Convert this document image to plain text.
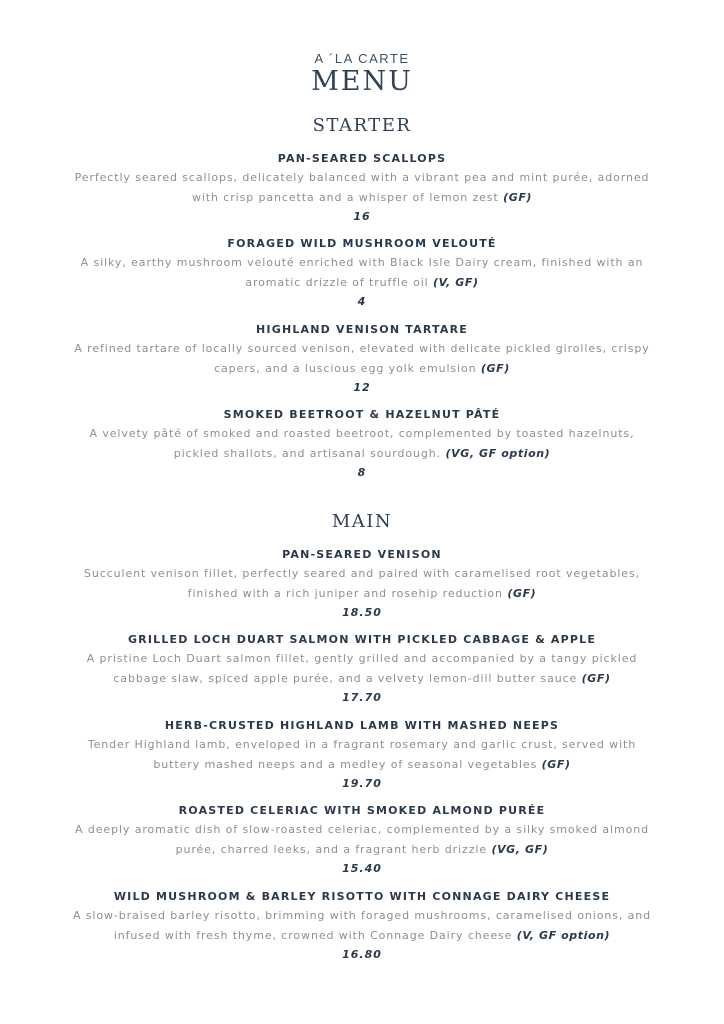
A ´LA CARTE
MENU
STARTER
PAN-SEARED SCALLOPS
Perfectly seared scallops, delicately balanced with a vibrant pea and mint purée, adorned with crisp pancetta and a whisper of lemon zest (GF)
16
FORAGED WILD MUSHROOM VELOUTÉ
A silky, earthy mushroom velouté enriched with Black Isle Dairy cream, finished with an aromatic drizzle of truffle oil (V, GF)
4
HIGHLAND VENISON TARTARE
A refined tartare of locally sourced venison, elevated with delicate pickled girolles, crispy capers, and a luscious egg yolk emulsion (GF)
12
SMOKED BEETROOT & HAZELNUT PÂTÉ
A velvety pâté of smoked and roasted beetroot, complemented by toasted hazelnuts, pickled shallots, and artisanal sourdough. (VG, GF option)
8
MAIN
PAN-SEARED VENISON
Succulent venison fillet, perfectly seared and paired with caramelised root vegetables, finished with a rich juniper and rosehip reduction (GF)
18.50
GRILLED LOCH DUART SALMON WITH PICKLED CABBAGE & APPLE
A pristine Loch Duart salmon fillet, gently grilled and accompanied by a tangy pickled cabbage slaw, spiced apple purée, and a velvety lemon-dill butter sauce (GF)
17.70
HERB-CRUSTED HIGHLAND LAMB WITH MASHED NEEPS
Tender Highland lamb, enveloped in a fragrant rosemary and garlic crust, served with buttery mashed neeps and a medley of seasonal vegetables (GF)
19.70
ROASTED CELERIAC WITH SMOKED ALMOND PURÉE
A deeply aromatic dish of slow-roasted celeriac, complemented by a silky smoked almond purée, charred leeks, and a fragrant herb drizzle (VG, GF)
15.40
WILD MUSHROOM & BARLEY RISOTTO WITH CONNAGE DAIRY CHEESE
A slow-braised barley risotto, brimming with foraged mushrooms, caramelised onions, and infused with fresh thyme, crowned with Connage Dairy cheese (V, GF option)
16.80
